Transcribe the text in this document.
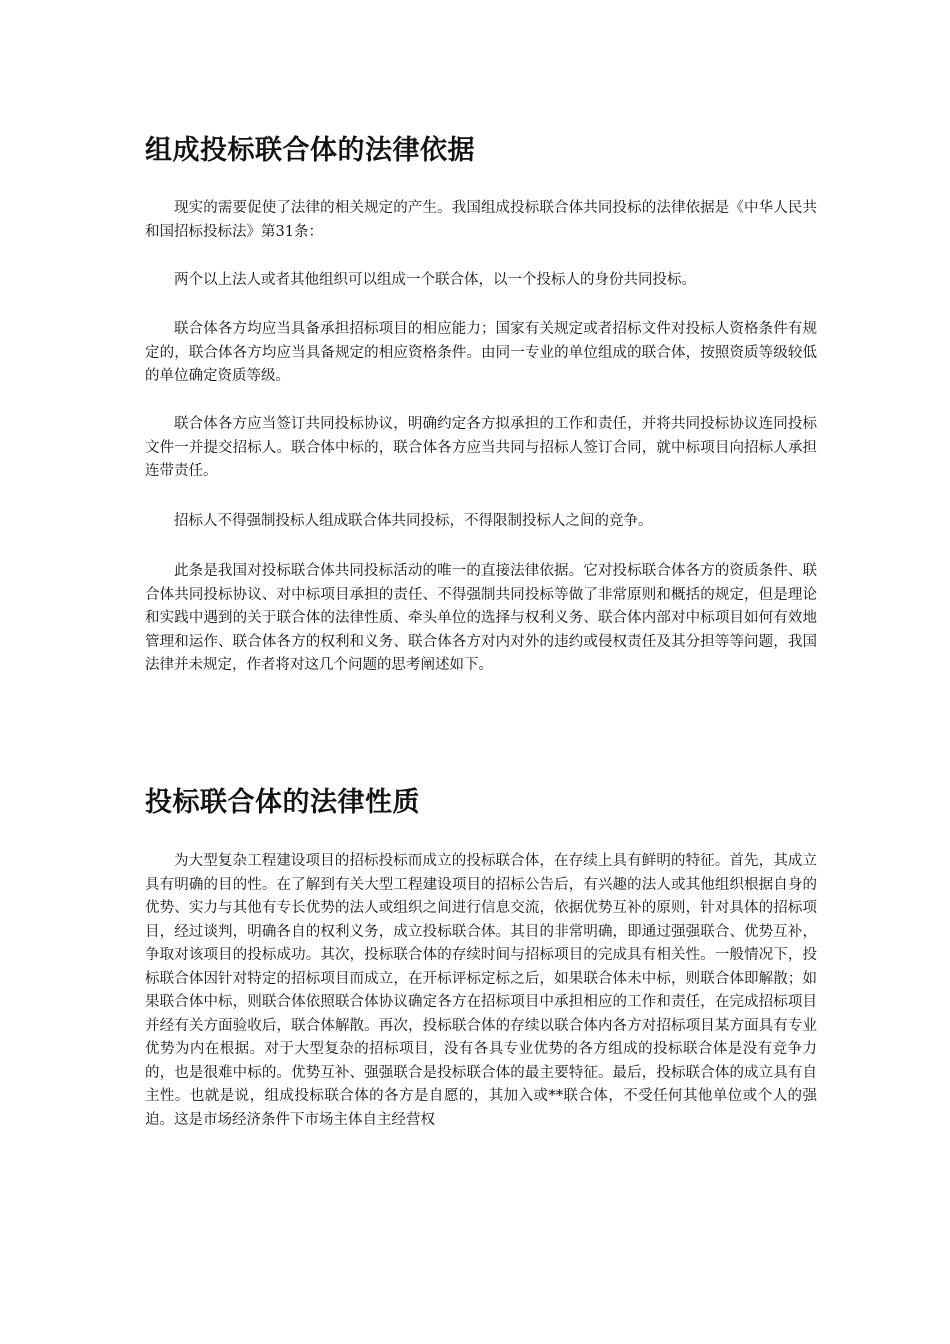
组成投标联合体的法律依据

现实的需要促使了法律的相关规定的产生。我国组成投标联合体共同投标的法律依据是《中华人民共和国招标投标法》第31条：

两个以上法人或者其他组织可以组成一个联合体，以一个投标人的身份共同投标。

联合体各方均应当具备承担招标项目的相应能力；国家有关规定或者招标文件对投标人资格条件有规定的，联合体各方均应当具备规定的相应资格条件。由同一专业的单位组成的联合体，按照资质等级较低的单位确定资质等级。

联合体各方应当签订共同投标协议，明确约定各方拟承担的工作和责任，并将共同投标协议连同投标文件一并提交招标人。联合体中标的，联合体各方应当共同与招标人签订合同，就中标项目向招标人承担连带责任。

招标人不得强制投标人组成联合体共同投标，不得限制投标人之间的竞争。

此条是我国对投标联合体共同投标活动的唯一的直接法律依据。它对投标联合体各方的资质条件、联合体共同投标协议、对中标项目承担的责任、不得强制共同投标等做了非常原则和概括的规定，但是理论和实践中遇到的关于联合体的法律性质、牵头单位的选择与权利义务、联合体内部对中标项目如何有效地管理和运作、联合体各方的权利和义务、联合体各方对内对外的违约或侵权责任及其分担等等问题，我国法律并未规定，作者将对这几个问题的思考阐述如下。

投标联合体的法律性质

为大型复杂工程建设项目的招标投标而成立的投标联合体，在存续上具有鲜明的特征。首先，其成立具有明确的目的性。在了解到有关大型工程建设项目的招标公告后，有兴趣的法人或其他组织根据自身的优势、实力与其他有专长优势的法人或组织之间进行信息交流，依据优势互补的原则，针对具体的招标项目，经过谈判，明确各自的权利义务，成立投标联合体。其目的非常明确，即通过强强联合、优势互补，争取对该项目的投标成功。其次，投标联合体的存续时间与招标项目的完成具有相关性。一般情况下，投标联合体因针对特定的招标项目而成立，在开标评标定标之后，如果联合体未中标，则联合体即解散；如果联合体中标，则联合体依照联合体协议确定各方在招标项目中承担相应的工作和责任，在完成招标项目并经有关方面验收后，联合体解散。再次，投标联合体的存续以联合体内各方对招标项目某方面具有专业优势为内在根据。对于大型复杂的招标项目，没有各具专业优势的各方组成的投标联合体是没有竞争力的，也是很难中标的。优势互补、强强联合是投标联合体的最主要特征。最后，投标联合体的成立具有自主性。也就是说，组成投标联合体的各方是自愿的，其加入或**联合体，不受任何其他单位或个人的强迫。这是市场经济条件下市场主体自主经营权
